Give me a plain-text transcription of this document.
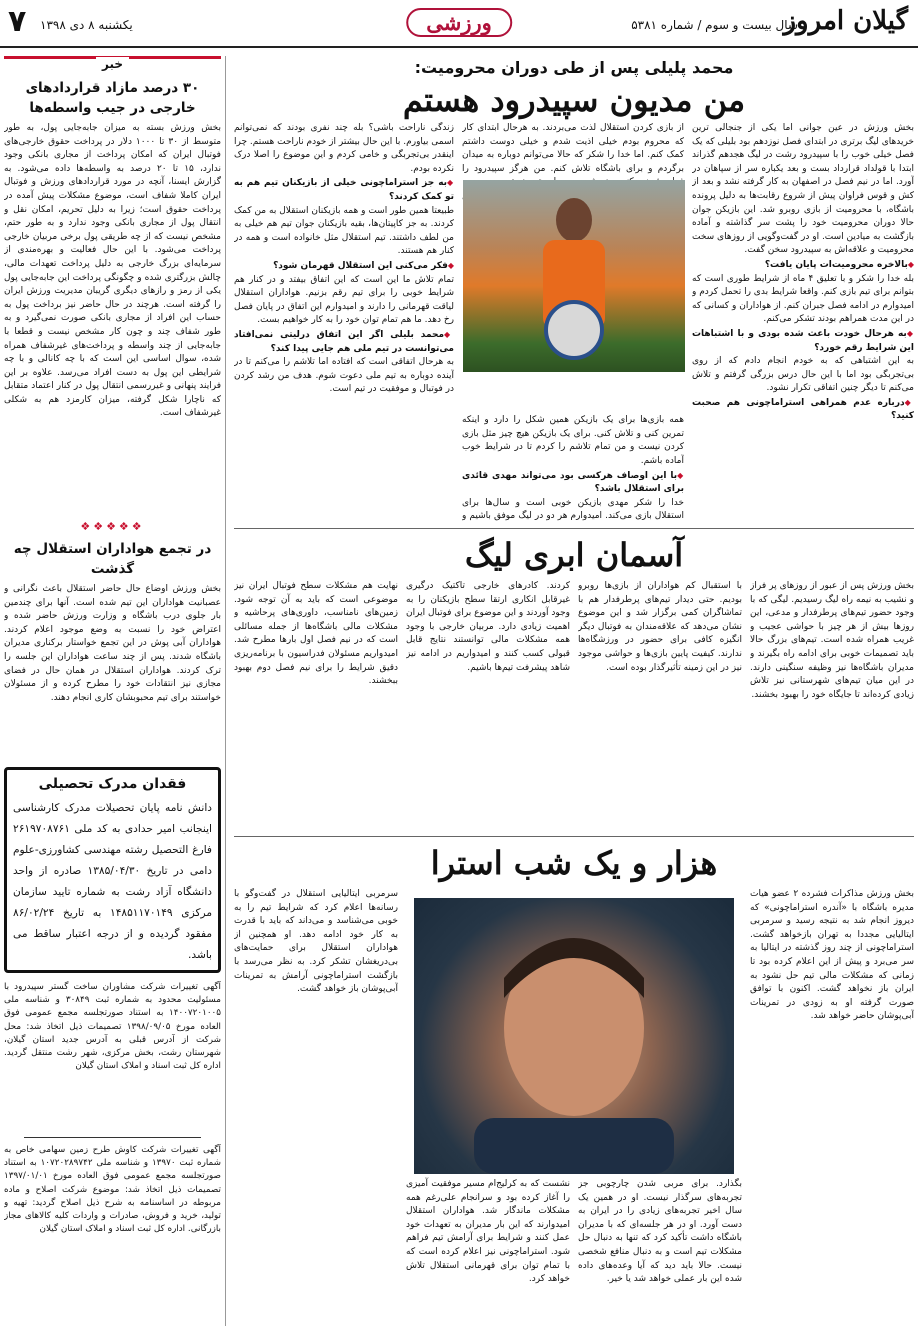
گیلان امروز
سال بیست و سوم / شماره ۵۳۸۱
ورزشی
یکشنبه ۸ دی ۱۳۹۸
۷
خبر
۳۰ درصد مازاد قراردادهای خارجی در جیب واسطه‌ها

بخش ورزش بسته به میزان جابه‌جایی پول، به طور متوسط از ۳۰ تا ۱۰۰۰ دلار در پرداخت حقوق خارجی‌های فوتبال ایران که امکان پرداخت از مجاری بانکی وجود ندارد، ۱۵ تا ۲۰ درصد به واسطه‌ها داده می‌شود. به گزارش ایسنا، آنچه در مورد قراردادهای ورزش و فوتبال ایران کاملا شفاف است، موضوع مشکلات پیش آمده در پرداخت حقوق است؛ زیرا به دلیل تحریم، امکان نقل و انتقال پول از مجاری بانکی وجود ندارد و به طور حتم، مشخص نیست که از چه طریقی پول برخی مربیان خارجی پرداخت می‌شود. با این حال فعالیت و بهره‌مندی از سرمایه‌ای بزرگ خارجی به دلیل پرداخت تعهدات مالی، چالش بزرگتری شده و چگونگی پرداخت این جابه‌جایی پول یکی از رمز و رازهای دیگری گریبان مدیریت ورزش ایران را گرفته است. هرچند در حال حاضر نیز برداخت پول به حساب این افراد از مجاری بانکی صورت نمی‌گیرد و به طور شفاف چند و چون کار مشخص نیست و قطعا با جابه‌جایی از چند واسطه و پرداخت‌های غیرشفاف همراه شده، سوال اساسی این است که با چه کانالی و با چه شرایطی این پول به دست افراد می‌رسد. علاوه بر این فرایند پنهانی و غیررسمی انتقال پول در کنار اعتماد متقابل که ناچارا شکل گرفته، میزان کارمزد هم به شکلی غیرشفاف است.

❖❖❖❖❖
در تجمع هواداران استقلال چه گذشت

بخش ورزش اوضاع حال حاضر استقلال باعث نگرانی و عصبانیت هواداران این تیم شده است. آنها برای چندمین بار جلوی درب باشگاه و وزارت ورزش حاضر شده و اعتراض خود را نسبت به وضع موجود اعلام کردند. هواداران آبی پوش در این تجمع خواستار برکناری مدیران باشگاه شدند. پس از چند ساعت هواداران این جلسه را ترک کردند. هواداران استقلال در همان حال در فضای مجازی نیز انتقادات خود را مطرح کرده و از مسئولان خواستند برای تیم محبوبشان کاری انجام دهند.

فقدان مدرک تحصیلی

دانش نامه پایان تحصیلات مدرک کارشناسی اینجانب امیر حدادی به کد ملی ۲۶۱۹۷۰۸۷۶۱ فارغ التحصیل رشته مهندسی کشاورزی-علوم دامی در تاریخ ۱۳۸۵/۰۴/۳۰ صادره از واحد دانشگاه آزاد رشت به شماره تایید سازمان مرکزی ۱۴۸۵۱۱۷۰۱۴۹ به تاریخ ۸۶/۰۲/۲۴ مفقود گردیده و از درجه اعتبار ساقط می باشد.

آگهی تغییرات شرکت مشاوران ساخت گستر سپیدرود با مسئولیت محدود به شماره ثبت ۳۰۸۴۹ و شناسه ملی ۱۴۰۰۷۲۰۱۰۰۵ به استناد صورتجلسه مجمع عمومی فوق العاده مورخ ۱۳۹۸/۰۹/۰۵ تصمیمات ذیل اتخاذ شد: محل شرکت از آدرس قبلی به آدرس جدید استان گیلان، شهرستان رشت، بخش مرکزی، شهر رشت منتقل گردید. اداره کل ثبت اسناد و املاک استان گیلان

آگهی تغییرات شرکت کاوش طرح زمین سهامی خاص به شماره ثبت ۱۳۹۷۰ و شناسه ملی ۱۰۷۲۰۲۸۹۷۴۲ به استناد صورتجلسه مجمع عمومی فوق العاده مورخ ۱۳۹۷/۰۱/۰۱ تصمیمات ذیل اتخاذ شد: موضوع شرکت اصلاح و ماده مربوطه در اساسنامه به شرح ذیل اصلاح گردید: تهیه و تولید، خرید و فروش، صادرات و واردات کلیه کالاهای مجاز بازرگانی. اداره کل ثبت اسناد و املاک استان گیلان

محمد پلیلی پس از طی دوران محرومیت:
من مدیون سپیدرود هستم
بخش ورزش در عین جوانی اما یکی از جنجالی ترین خریدهای لیگ برتری در ابتدای فصل نوزدهم بود بلیلی که یک فصل خیلی خوب را با سپیدرود رشت در لیگ هجدهم گذراند ابتدا با قولداد قرارداد بست و بعد یکباره سر از سپاهان در آورد. اما در نیم فصل در اصفهان به کار گرفته نشد و بعد از کش و قوس فراوان پیش از شروع رقابت‌ها به دلیل پرونده باشگاه، با محرومیت از بازی روبرو شد. این بازیکن جوان حالا دوران محرومیت خود را پشت سر گذاشته و آماده بازگشت به میادین است. او در گفت‌وگویی از روزهای سخت محرومیت و علاقه‌اش به سپیدرود سخن گفت.
◆ بالاخره محرومیت‌ات پایان یافت؟
بله خدا را شکر و با تعلیق ۴ ماه از شرایط طوری است که بتوانم برای تیم بازی کنم. واقعا شرایط بدی را تحمل کردم و امیدوارم در ادامه فصل جبران کنم. از هواداران و کسانی که در این مدت همراهم بودند تشکر می‌کنم.
◆ به هرحال خودت باعث شده بودی و با اشتباهات این شرایط رقم خورد؟
به این اشتباهی که به خودم انجام دادم که از روی بی‌تجربگی بود اما با این حال درس بزرگی گرفتم و تلاش می‌کنم تا دیگر چنین اتفاقی تکرار نشود.
◆ درباره عدم همراهی استراماچونی هم صحبت کنید؟
از بازی کردن استقلال لذت می‌بردند. به هرحال ابتدای کار که محروم بودم خیلی اذیت شدم و خیلی دوست داشتم کمک کنم. اما خدا را شکر که حالا می‌توانم دوباره به میدان برگردم و برای باشگاه تلاش کنم. من هرگز سپیدرود را
◆
همه بازی‌ها برای یک بازیکن همین شکل را دارد و اینکه تمرین کنی و تلاش کنی. برای یک بازیکن هیچ چیز مثل بازی کردن نیست و من تمام تلاشم را کردم تا در شرایط خوب آماده باشم.
◆ با این اوصاف هرکسی بود می‌تواند مهدی قائدی برای استقلال باشد؟
خدا را شکر مهدی بازیکن خوبی است و سال‌ها برای استقلال بازی می‌کند. امیدوارم هر دو در لیگ موفق باشیم و
زندگی ناراحت باشی؟ بله چند نفری بودند که نمی‌توانم اسمی بیاورم. با این حال بیشتر از خودم ناراحت هستم. چرا اینقدر بی‌تجربگی و خامی کردم و این موضوع را اصلا درک نکرده بودم.
◆ به جز استراماچونی خیلی از بازیکنان تیم هم به تو کمک کردند؟
طبیعتا همین طور است و همه بازیکنان استقلال به من کمک کردند. به جز کاپیتان‌ها، بقیه بازیکنان جوان تیم هم خیلی به من لطف داشتند. تیم استقلال مثل خانواده است و همه در کنار هم هستند.
◆ فکر می‌کنی این استقلال قهرمان شود؟
تمام تلاش ما این است که این اتفاق بیفتد و در کنار هم شرایط خوبی را برای تیم رقم بزنیم. هواداران استقلال لیاقت قهرمانی را دارند و امیدوارم این اتفاق در پایان فصل رخ دهد. ما هم تمام توان خود را به کار خواهیم بست.
◆ محمد بلیلی اگر این اتفاق درلیتی نمی‌افتاد می‌توانست در تیم ملی هم جایی پیدا کند؟
به هرحال اتفاقی است که افتاده اما تلاشم را می‌کنم تا در آینده دوباره به تیم ملی دعوت شوم. هدف من رشد کردن در فوتبال و موفقیت در تیم است.
آسمان ابری لیگ
بخش ورزش پس از عبور از روزهای پر فراز و نشیب به نیمه راه لیگ رسیدیم. لیگی که با وجود حضور تیم‌های پرطرفدار و مدعی، این روزها بیش از هر چیز با حواشی عجیب و غریب همراه شده است. تیم‌های بزرگ حالا باید تصمیمات خوبی برای ادامه راه بگیرند و مدیران باشگاه‌ها نیز وظیفه سنگینی دارند. در این میان تیم‌های شهرستانی نیز تلاش زیادی کرده‌اند تا جایگاه خود را بهبود بخشند.
با استقبال کم هواداران از بازی‌ها روبرو بودیم. حتی دیدار تیم‌های پرطرفدار هم با تماشاگران کمی برگزار شد و این موضوع نشان می‌دهد که علاقه‌مندان به فوتبال دیگر انگیزه کافی برای حضور در ورزشگاه‌ها ندارند. کیفیت پایین بازی‌ها و حواشی موجود نیز در این زمینه تأثیرگذار بوده است.
کردند. کادرهای خارجی تاکتیک درگیری غیرقابل انکاری ارتقا سطح بازیکنان را به وجود آوردند و این موضوع برای فوتبال ایران اهمیت زیادی دارد. مربیان خارجی با وجود همه مشکلات مالی توانستند نتایج قابل قبولی کسب کنند و امیدواریم در ادامه نیز شاهد پیشرفت تیم‌ها باشیم.
نهایت هم مشکلات سطح فوتبال ایران نیز موضوعی است که باید به آن توجه شود. زمین‌های نامناسب، داوری‌های پرحاشیه و مشکلات مالی باشگاه‌ها از جمله مسائلی است که در نیم فصل اول بارها مطرح شد. امیدواریم مسئولان فدراسیون با برنامه‌ریزی دقیق شرایط را برای نیم فصل دوم بهبود ببخشند.
هزار و یک شب استرا
بخش ورزش مذاکرات فشرده ۲ عضو هیات مدیره باشگاه با «آندره استراماچونی» که دیروز انجام شد به نتیجه رسید و سرمربی ایتالیایی مجددا به تهران بازخواهد گشت. استراماچونی از چند روز گذشته در ایتالیا به سر می‌برد و پیش از این اعلام کرده بود تا زمانی که مشکلات مالی تیم حل نشود به ایران باز نخواهد گشت. اکنون با توافق صورت گرفته او به زودی در تمرینات آبی‌پوشان حاضر خواهد شد.
بگذارد. برای مربی شدن چارچوبی جز تجربه‌های سرگذار نیست. او در همین یک سال اخیر تجربه‌های زیادی را در ایران به دست آورد. او در هر جلسه‌ای که با مدیران باشگاه داشت تأکید کرد که تنها به دنبال حل مشکلات تیم است و به دنبال منافع شخصی نیست. حالا باید دید که آیا وعده‌های داده شده این بار عملی خواهد شد یا خیر.
نشست که به کرلیج‌ام مسیر موفقیت آمیزی را آغاز کرده بود و سرانجام علی‌رغم همه مشکلات ماندگار شد. هواداران استقلال امیدوارند که این بار مدیران به تعهدات خود عمل کنند و شرایط برای آرامش تیم فراهم شود. استراماچونی نیز اعلام کرده است که با تمام توان برای قهرمانی استقلال تلاش خواهد کرد.
سرمربی ایتالیایی استقلال در گفت‌وگو با رسانه‌ها اعلام کرد که شرایط تیم را به خوبی می‌شناسد و می‌داند که باید با قدرت به کار خود ادامه دهد. او همچنین از هواداران استقلال برای حمایت‌های بی‌دریغشان تشکر کرد. به نظر می‌رسد با بازگشت استراماچونی آرامش به تمرینات آبی‌پوشان باز خواهد گشت.
